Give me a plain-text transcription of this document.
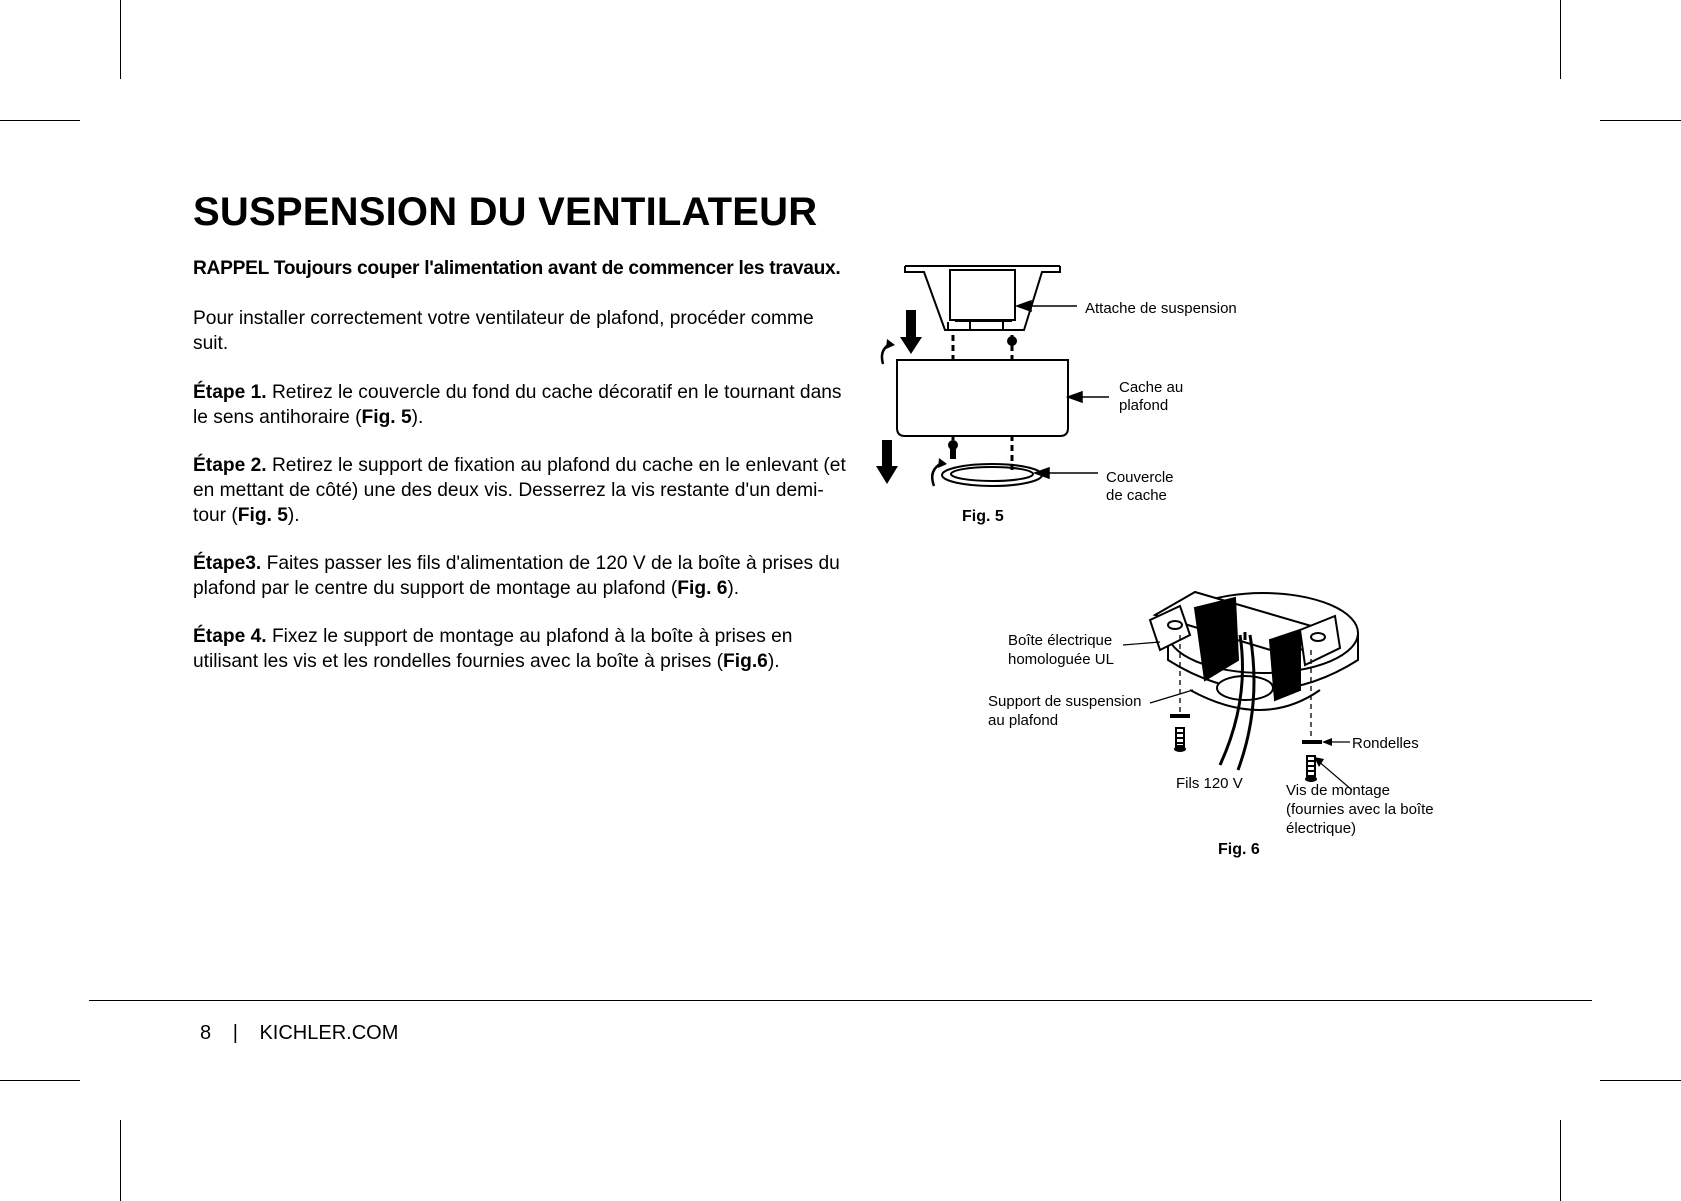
SUSPENSION DU VENTILATEUR

RAPPEL Toujours couper l'alimentation avant de commencer les travaux.

Pour installer correctement votre ventilateur de plafond, procéder comme suit.

Étape 1. Retirez le couvercle du fond du cache décoratif en le tournant dans le sens antihoraire (Fig. 5).

Étape 2. Retirez le support de fixation au plafond du cache en le enlevant (et en mettant de côté) une des deux vis. Desserrez la vis restante d'un demi-tour (Fig. 5).

Étape3. Faites passer les fils d'alimentation de 120 V de la boîte à prises du plafond par le centre du support de montage au plafond (Fig. 6).

Étape 4. Fixez le support de montage au plafond à la boîte à prises en utilisant les vis et les rondelles fournies avec la boîte à prises (Fig.6).

Attache de suspension
Cache au
plafond
Couvercle
de cache
Fig. 5
Boîte électrique
homologuée UL
Support de suspension
au plafond
Rondelles
Fils 120 V	Vis de montage
(fournies avec la boîte
électrique)
Fig. 6
8 | KICHLER.COM
